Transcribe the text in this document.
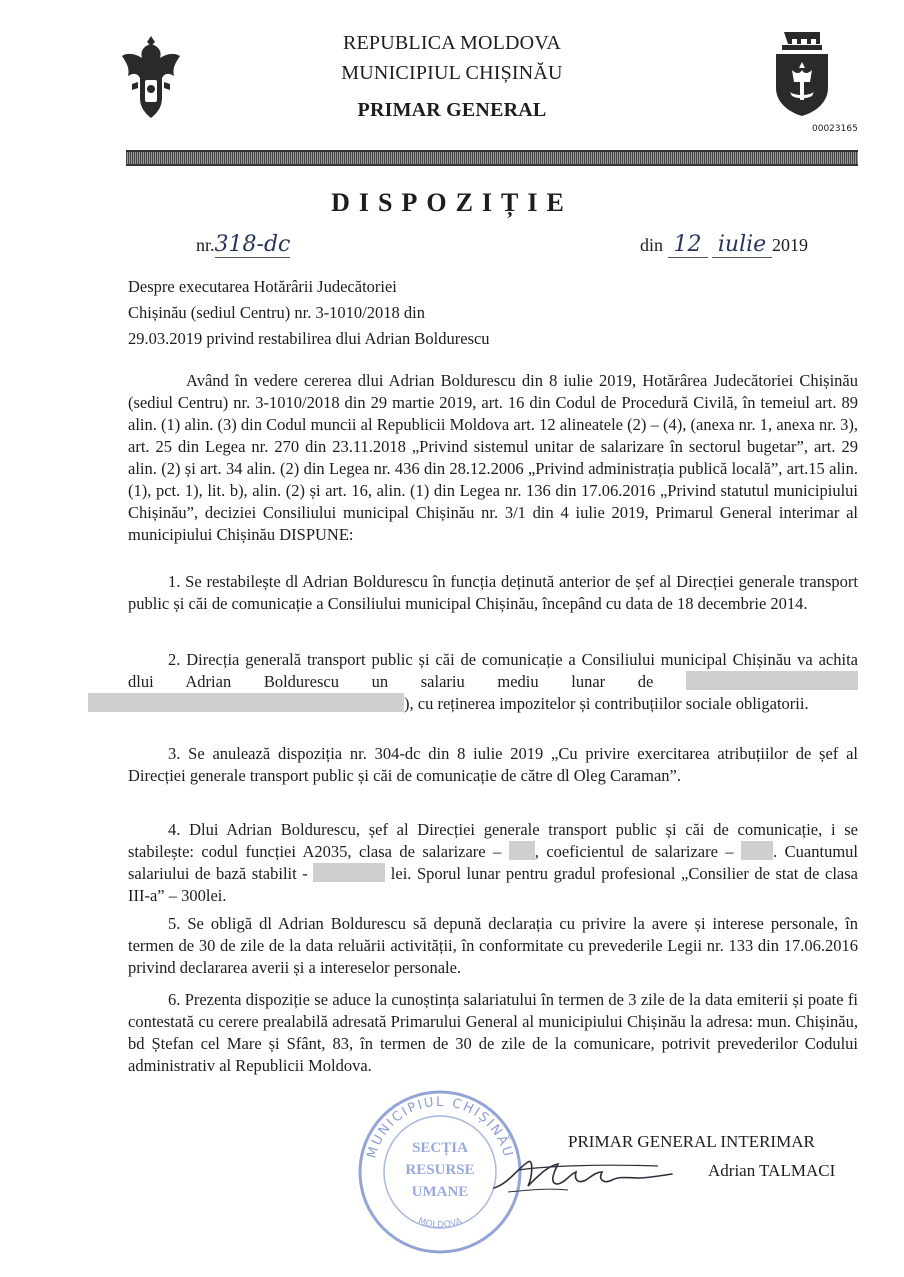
REPUBLICA MOLDOVA
MUNICIPIUL CHIȘINĂU
PRIMAR GENERAL
00023165
DISPOZIȚIE
nr.318-dc	din 12 iulie 2019
Despre executarea Hotărârii Judecătoriei
Chișinău (sediul Centru) nr. 3-1010/2018 din
29.03.2019 privind restabilirea dlui Adrian Bolduresсu

Având în vedere cererea dlui Adrian Boldurescu din 8 iulie 2019, Hotărârea Judecătoriei Chișinău (sediul Centru) nr. 3-1010/2018 din 29 martie 2019, art. 16 din Codul de Procedură Civilă, în temeiul art. 89 alin. (1) alin. (3) din Codul muncii al Republicii Moldova art. 12 alineatele (2) – (4), (anexa nr. 1, anexa nr. 3), art. 25 din Legea nr. 270 din 23.11.2018 „Privind sistemul unitar de salarizare în sectorul bugetar”, art. 29 alin. (2) și art. 34 alin. (2) din Legea nr. 436 din 28.12.2006 „Privind administrația publică locală”, art.15 alin. (1), pct. 1), lit. b), alin. (2) și art. 16, alin. (1) din Legea nr. 136 din 17.06.2016 „Privind statutul municipiului Chișinău”, deciziei Consiliului municipal Chișinău nr. 3/1 din 4 iulie 2019, Primarul General interimar al municipiului Chișinău DISPUNE:

1. Se restabilește dl Adrian Boldurescu în funcția deținută anterior de șef al Direcției generale transport public și căi de comunicație a Consiliului municipal Chișinău, începând cu data de 18 decembrie 2014.

2. Direcția generală transport public și căi de comunicație a Consiliului municipal Chișinău va achita dlui Adrian Boldurescu un salariu mediu lunar de  ), cu reținerea impozitelor și contribuțiilor sociale obligatorii.

3. Se anulează dispoziția nr. 304-dc din 8 iulie 2019 „Cu privire exercitarea atribuțiilor de șef al Direcției generale transport public și căi de comunicație de către dl Oleg Caraman”.

4. Dlui Adrian Boldurescu, șef al Direcției generale transport public și căi de comunicație, i se stabilește: codul funcției A2035, clasa de salarizare – , coeficientul de salarizare – . Cuantumul salariului de bază stabilit -	lei. Sporul lunar pentru gradul profesional „Consilier de stat de clasa III-a” – 300lei.

5. Se obligă dl Adrian Boldurescu să depună declarația cu privire la avere și interese personale, în termen de 30 de zile de la data reluării activității, în conformitate cu prevederile Legii nr. 133 din 17.06.2016 privind declararea averii și a intereselor personale.

6. Prezenta dispoziție se aduce la cunoștința salariatului în termen de 3 zile de la data emiterii și poate fi contestată cu cerere prealabilă adresată Primarului General al municipiului Chișinău la adresa: mun. Chișinău, bd Ștefan cel Mare și Sfânt, 83, în termen de 30 de zile de la comunicare, potrivit prevederilor Codului administrativ al Republicii Moldova.

MUNICIPIUL CHIȘINĂU
MOLDOVA
SECȚIA
RESURSE
UMANE
PRIMAR GENERAL INTERIMAR
Adrian TALMACI
